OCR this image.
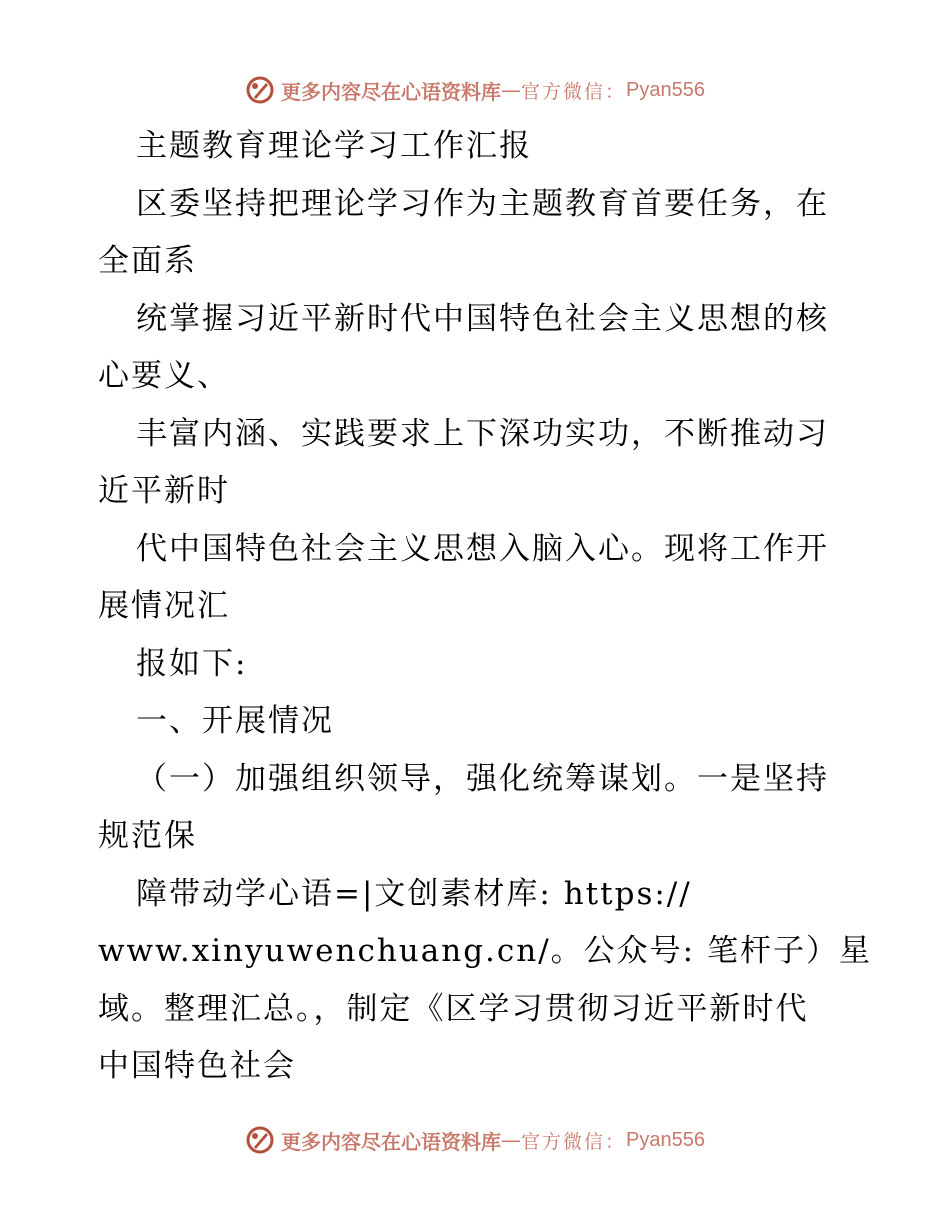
更多内容尽在心语资料库 — 官方微信： Pyan556
主题教育理论学习工作汇报
区委坚持把理论学习作为主题教育首要任务，在
全面系
统掌握习近平新时代中国特色社会主义思想的核
心要义、
丰富内涵、实践要求上下深功实功，不断推动习
近平新时
代中国特色社会主义思想入脑入心。现将工作开
展情况汇
报如下:
一、开展情况
（一）加强组织领导，强化统筹谋划。一是坚持
规范保
障带动学心语=|文创素材库: https://
www.xinyuwenchuang.cn/。公众号: 笔杆子）星
域。整理汇总。，制定《区学习贯彻习近平新时代
中国特色社会
更多内容尽在心语资料库 — 官方微信： Pyan556
